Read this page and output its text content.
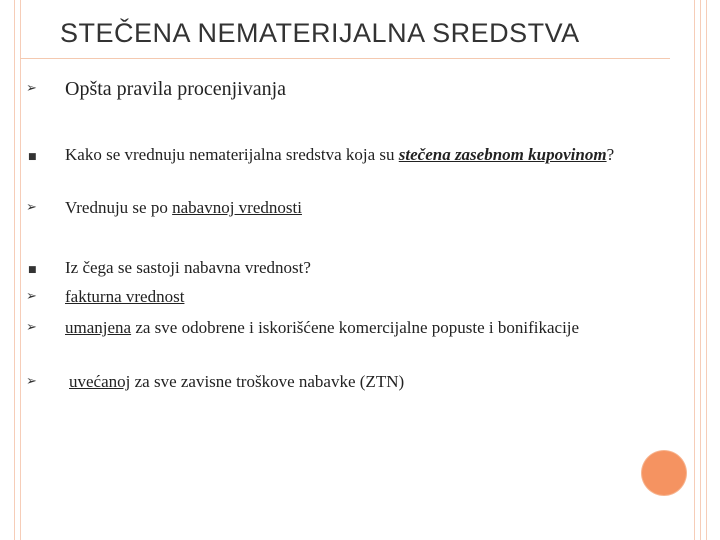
STEČENA NEMATERIJALNA SREDSTVA
➢	Opšta pravila procenjivanja
■	Kako se vrednuju nematerijalna sredstva koja su stečena zasebnom kupovinom?
➢	Vrednuju se po nabavnoj vrednosti
■	Iz čega se sastoji nabavna vrednost?
➢	fakturna vrednost
➢	umanjena za sve odobrene i iskorišćene komercijalne popuste i bonifikacije
➢	uvećanoj za sve zavisne troškove nabavke (ZTN)
